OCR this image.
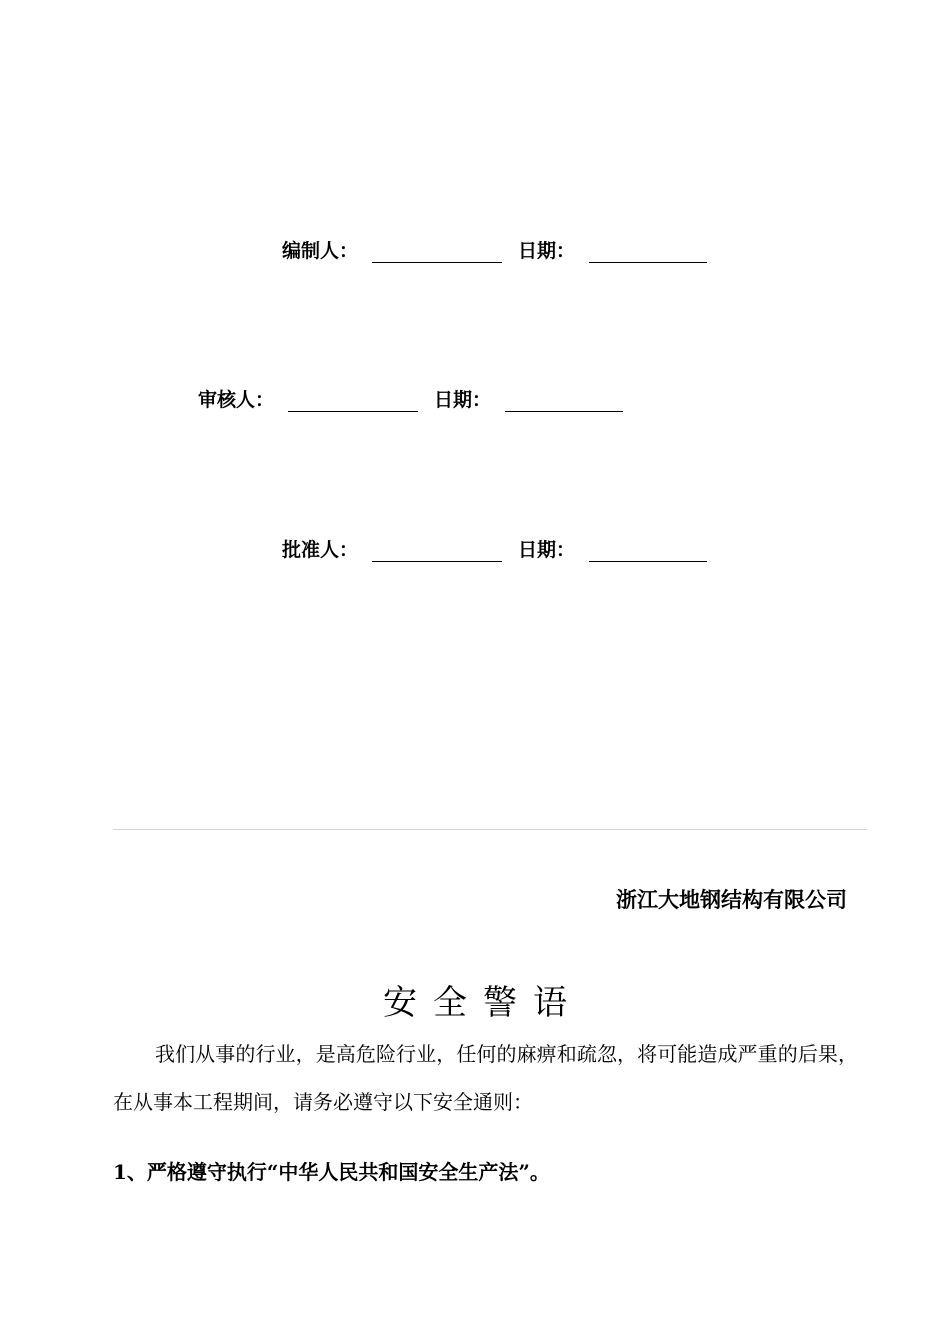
编制人：	日期：
审核人：	日期：
批准人：	日期：
浙江大地钢结构有限公司
安全警语

我们从事的行业，是高危险行业，任何的麻痹和疏忽，将可能造成严重的后果，在从事本工程期间，请务必遵守以下安全通则：

1、严格遵守执行“中华人民共和国安全生产法”。
